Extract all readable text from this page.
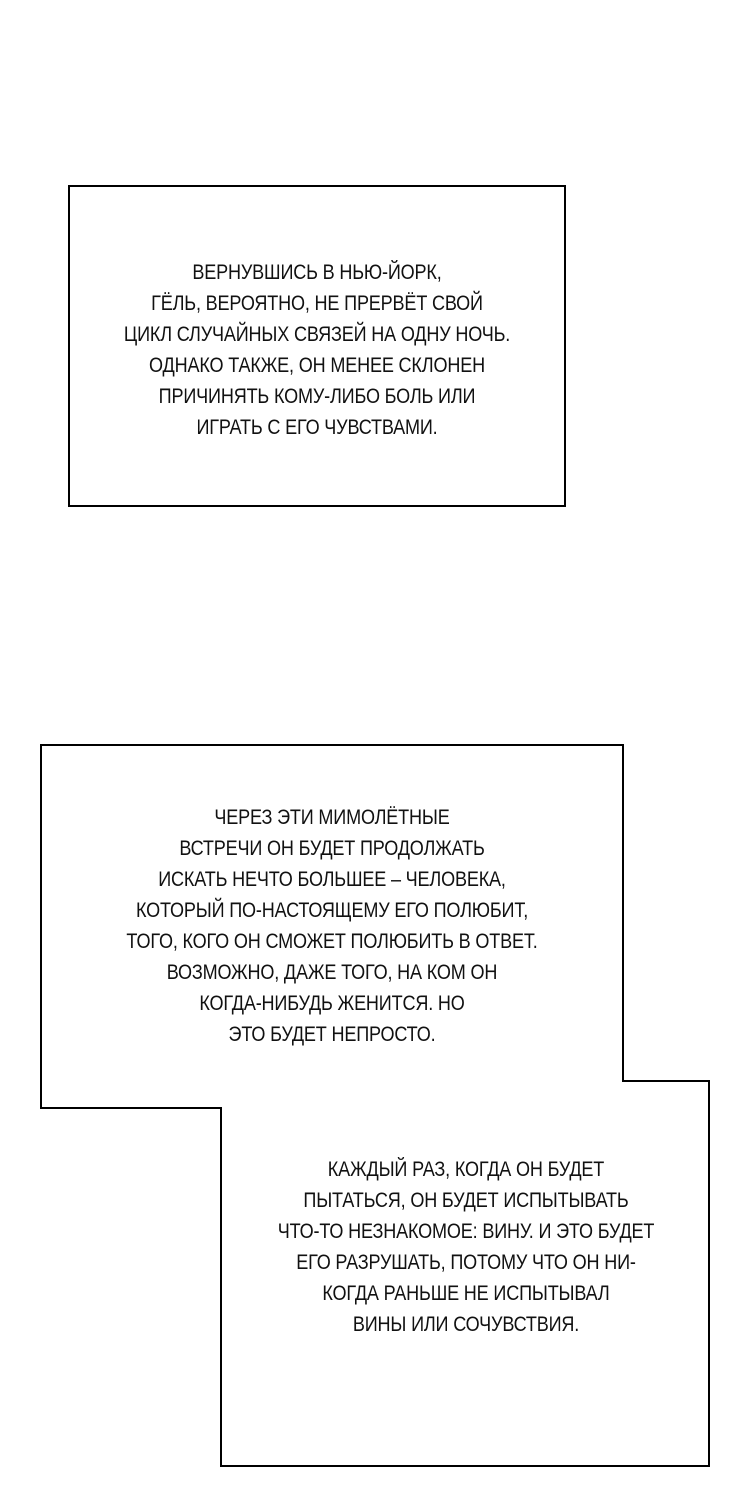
ВЕРНУВШИСЬ В НЬЮ-ЙОРК,
ГЁЛЬ, ВЕРОЯТНО, НЕ ПРЕРВЁТ СВОЙ
ЦИКЛ СЛУЧАЙНЫХ СВЯЗЕЙ НА ОДНУ НОЧЬ.
ОДНАКО ТАКЖЕ, ОН МЕНЕЕ СКЛОНЕН
ПРИЧИНЯТЬ КОМУ-ЛИБО БОЛЬ ИЛИ
ИГРАТЬ С ЕГО ЧУВСТВАМИ.
ЧЕРЕЗ ЭТИ МИМОЛЁТНЫЕ
ВСТРЕЧИ ОН БУДЕТ ПРОДОЛЖАТЬ
ИСКАТЬ НЕЧТО БОЛЬШЕЕ – ЧЕЛОВЕКА,
КОТОРЫЙ ПО-НАСТОЯЩЕМУ ЕГО ПОЛЮБИТ,
ТОГО, КОГО ОН СМОЖЕТ ПОЛЮБИТЬ В ОТВЕТ.
ВОЗМОЖНО, ДАЖЕ ТОГО, НА КОМ ОН
КОГДА-НИБУДЬ ЖЕНИТСЯ. НО
ЭТО БУДЕТ НЕПРОСТО.
КАЖДЫЙ РАЗ, КОГДА ОН БУДЕТ
ПЫТАТЬСЯ, ОН БУДЕТ ИСПЫТЫВАТЬ
ЧТО-ТО НЕЗНАКОМОЕ: ВИНУ. И ЭТО БУДЕТ
ЕГО РАЗРУШАТЬ, ПОТОМУ ЧТО ОН НИ-
КОГДА РАНЬШЕ НЕ ИСПЫТЫВАЛ
ВИНЫ ИЛИ СОЧУВСТВИЯ.
